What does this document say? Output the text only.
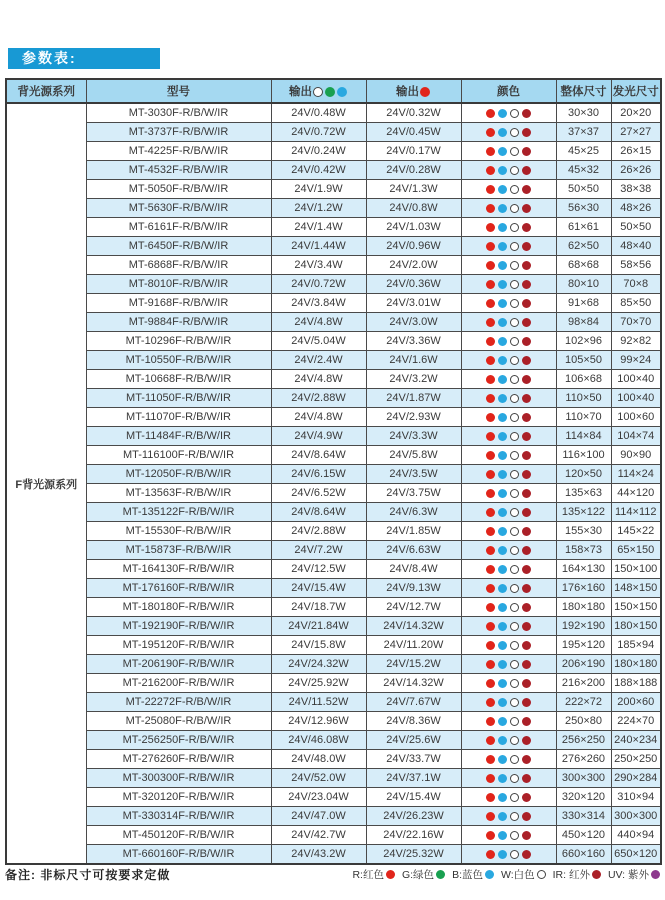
参数表:
背光源系列	型号	输出	输出	颜色	整体尺寸	发光尺寸
F背光源系列	MT-3030F-R/B/W/IR	24V/0.48W	24V/0.32W		30×30	20×20
	MT-3737F-R/B/W/IR	24V/0.72W	24V/0.45W		37×37	27×27
	MT-4225F-R/B/W/IR	24V/0.24W	24V/0.17W		45×25	26×15
	MT-4532F-R/B/W/IR	24V/0.42W	24V/0.28W		45×32	26×26
	MT-5050F-R/B/W/IR	24V/1.9W	24V/1.3W		50×50	38×38
	MT-5630F-R/B/W/IR	24V/1.2W	24V/0.8W		56×30	48×26
	MT-6161F-R/B/W/IR	24V/1.4W	24V/1.03W		61×61	50×50
	MT-6450F-R/B/W/IR	24V/1.44W	24V/0.96W		62×50	48×40
	MT-6868F-R/B/W/IR	24V/3.4W	24V/2.0W		68×68	58×56
	MT-8010F-R/B/W/IR	24V/0.72W	24V/0.36W		80×10	70×8
	MT-9168F-R/B/W/IR	24V/3.84W	24V/3.01W		91×68	85×50
	MT-9884F-R/B/W/IR	24V/4.8W	24V/3.0W		98×84	70×70
	MT-10296F-R/B/W/IR	24V/5.04W	24V/3.36W		102×96	92×82
	MT-10550F-R/B/W/IR	24V/2.4W	24V/1.6W		105×50	99×24
	MT-10668F-R/B/W/IR	24V/4.8W	24V/3.2W		106×68	100×40
	MT-11050F-R/B/W/IR	24V/2.88W	24V/1.87W		110×50	100×40
	MT-11070F-R/B/W/IR	24V/4.8W	24V/2.93W		110×70	100×60
	MT-11484F-R/B/W/IR	24V/4.9W	24V/3.3W		114×84	104×74
	MT-116100F-R/B/W/IR	24V/8.64W	24V/5.8W		116×100	90×90
	MT-12050F-R/B/W/IR	24V/6.15W	24V/3.5W		120×50	114×24
	MT-13563F-R/B/W/IR	24V/6.52W	24V/3.75W		135×63	44×120
	MT-135122F-R/B/W/IR	24V/8.64W	24V/6.3W		135×122	114×112
	MT-15530F-R/B/W/IR	24V/2.88W	24V/1.85W		155×30	145×22
	MT-15873F-R/B/W/IR	24V/7.2W	24V/6.63W		158×73	65×150
	MT-164130F-R/B/W/IR	24V/12.5W	24V/8.4W		164×130	150×100
	MT-176160F-R/B/W/IR	24V/15.4W	24V/9.13W		176×160	148×150
	MT-180180F-R/B/W/IR	24V/18.7W	24V/12.7W		180×180	150×150
	MT-192190F-R/B/W/IR	24V/21.84W	24V/14.32W		192×190	180×150
	MT-195120F-R/B/W/IR	24V/15.8W	24V/11.20W		195×120	185×94
	MT-206190F-R/B/W/IR	24V/24.32W	24V/15.2W		206×190	180×180
	MT-216200F-R/B/W/IR	24V/25.92W	24V/14.32W		216×200	188×188
	MT-22272F-R/B/W/IR	24V/11.52W	24V/7.67W		222×72	200×60
	MT-25080F-R/B/W/IR	24V/12.96W	24V/8.36W		250×80	224×70
	MT-256250F-R/B/W/IR	24V/46.08W	24V/25.6W		256×250	240×234
	MT-276260F-R/B/W/IR	24V/48.0W	24V/33.7W		276×260	250×250
	MT-300300F-R/B/W/IR	24V/52.0W	24V/37.1W		300×300	290×284
	MT-320120F-R/B/W/IR	24V/23.04W	24V/15.4W		320×120	310×94
	MT-330314F-R/B/W/IR	24V/47.0W	24V/26.23W		330×314	300×300
	MT-450120F-R/B/W/IR	24V/42.7W	24V/22.16W		450×120	440×94
	MT-660160F-R/B/W/IR	24V/43.2W	24V/25.32W		660×160	650×120
备注: 非标尺寸可按要求定做	R:红色 G:绿色 B:蓝色 W:白色 IR: 红外 UV: 紫外
